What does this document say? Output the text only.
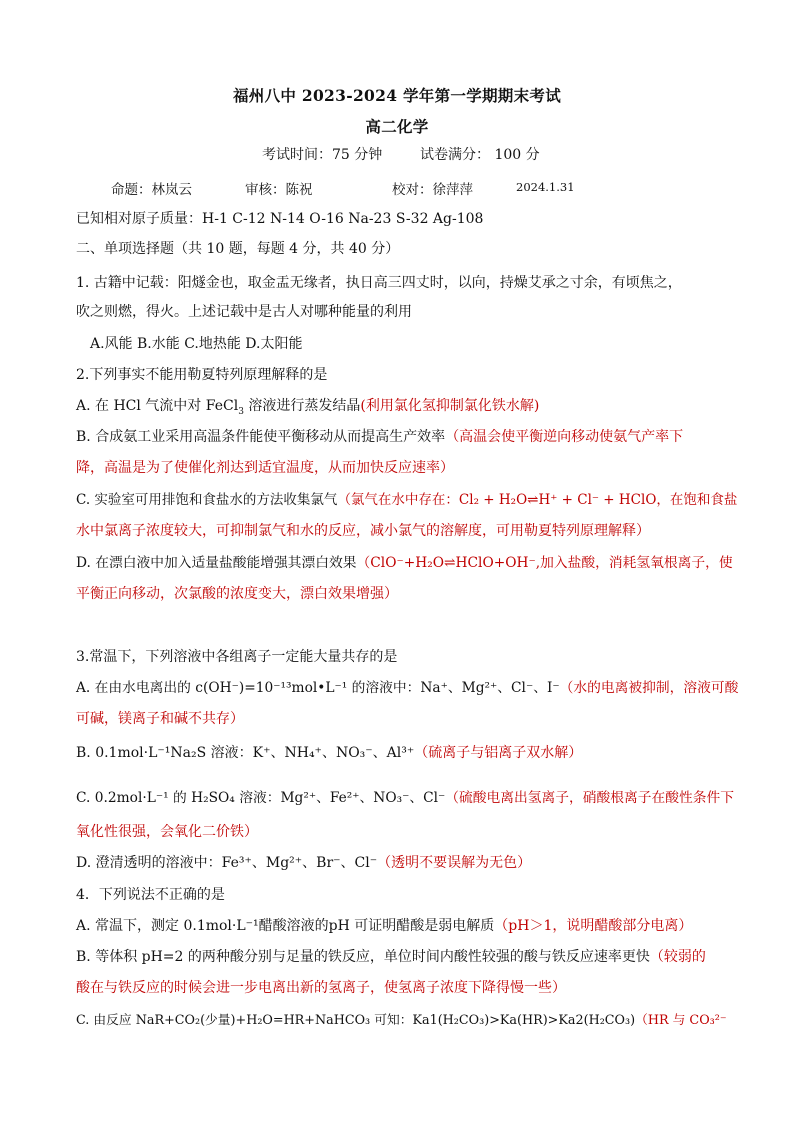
福州八中 2023-2024 学年第一学期期末考试
高二化学
考试时间：75 分钟	试卷满分： 100 分
命题：林岚云	审核：陈祝	校对：徐萍萍	2024.1.31
已知相对原子质量：H-1 C-12 N-14 O-16 Na-23 S-32 Ag-108
二、单项选择题（共 10 题，每题 4 分，共 40 分）
1. 古籍中记载：阳燧金也，取金盂无缘者，执日高三四丈时，以向，持燥艾承之寸余，有顷焦之，
吹之则燃，得火。上述记载中是古人对哪种能量的利用
A.风能 B.水能 C.地热能 D.太阳能
2.下列事实不能用勒夏特列原理解释的是
A. 在 HCl 气流中对 FeCl$_3$ 溶液进行蒸发结晶(利用氯化氢抑制氯化铁水解)
B. 合成氨工业采用高温条件能使平衡移动从而提高生产效率（高温会使平衡逆向移动使氨气产率下
降，高温是为了使催化剂达到适宜温度，从而加快反应速率）
C. 实验室可用排饱和食盐水的方法收集氯气（氯气在水中存在：Cl₂ + H₂O⇌H⁺ + Cl⁻ + HClO，在饱和食盐
水中氯离子浓度较大，可抑制氯气和水的反应，减小氯气的溶解度，可用勒夏特列原理解释）
D. 在漂白液中加入适量盐酸能增强其漂白效果（ClO⁻+H₂O⇌HClO+OH⁻,加入盐酸，消耗氢氧根离子，使
平衡正向移动，次氯酸的浓度变大，漂白效果增强）
3.常温下，下列溶液中各组离子一定能大量共存的是
A. 在由水电离出的 c(OH⁻)=10⁻¹³mol•L⁻¹ 的溶液中：Na⁺、Mg²⁺、Cl⁻、I⁻（水的电离被抑制，溶液可酸
可碱，镁离子和碱不共存）
B. 0.1mol·L⁻¹Na₂S 溶液：K⁺、NH₄⁺、NO₃⁻、Al³⁺（硫离子与铝离子双水解）
C. 0.2mol·L⁻¹ 的 H₂SO₄ 溶液：Mg²⁺、Fe²⁺、NO₃⁻、Cl⁻（硫酸电离出氢离子，硝酸根离子在酸性条件下
氧化性很强，会氧化二价铁）
D. 澄清透明的溶液中：Fe³⁺、Mg²⁺、Br⁻、Cl⁻（透明不要误解为无色）
4．下列说法不正确的是
A. 常温下，测定 0.1mol·L⁻¹醋酸溶液的pH 可证明醋酸是弱电解质（pH＞1，说明醋酸部分电离）
B. 等体积 pH=2 的两种酸分别与足量的铁反应，单位时间内酸性较强的酸与铁反应速率更快（较弱的
酸在与铁反应的时候会进一步电离出新的氢离子，使氢离子浓度下降得慢一些）
C. 由反应 NaR+CO₂(少量)+H₂O=HR+NaHCO₃ 可知：Ka1(H₂CO₃)>Ka(HR)>Ka2(H₂CO₃)（HR 与 CO₃²⁻
